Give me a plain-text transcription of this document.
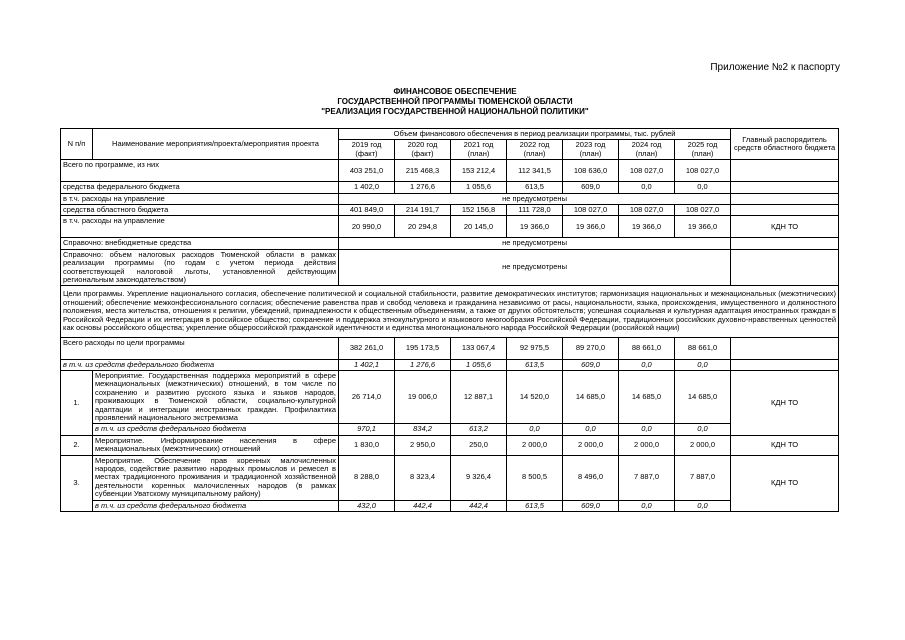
Приложение №2 к паспорту
ФИНАНСОВОЕ ОБЕСПЕЧЕНИЕ
ГОСУДАРСТВЕННОЙ ПРОГРАММЫ ТЮМЕНСКОЙ ОБЛАСТИ
"РЕАЛИЗАЦИЯ ГОСУДАРСТВЕННОЙ НАЦИОНАЛЬНОЙ ПОЛИТИКИ"
N п/п	Наименование мероприятия/проекта/мероприятия проекта	Объем финансового обеспечения в период реализации программы, тыс. рублей							Главный распорядитель средств областного бюджета
		2019 год (факт)	2020 год (факт)	2021 год (план)	2022 год (план)	2023 год (план)	2024 год (план)	2025 год (план)	
Всего по программе, из них		403 251,0	215 468,3	153 212,4	112 341,5	108 636,0	108 027,0	108 027,0	
средства федерального бюджета		1 402,0	1 276,6	1 055,6	613,5	609,0	0,0	0,0	
в т.ч. расходы на управление		не предусмотрены							
средства областного бюджета		401 849,0	214 191,7	152 156,8	111 728,0	108 027,0	108 027,0	108 027,0	
в т.ч. расходы на управление		20 990,0	20 294,8	20 145,0	19 366,0	19 366,0	19 366,0	19 366,0	КДН ТО
Справочно: внебюджетные средства		не предусмотрены							
Справочно: объем налоговых расходов Тюменской области в рамках реализации программы (по годам с учетом периода действия соответствующей налоговой льготы, установленной действующим региональным законодательством)		не предусмотрены							
Цели программы. Укрепление национального согласия, обеспечение политической и социальной стабильности, развитие демократических институтов; гармонизация национальных и межнациональных (межэтнических) отношений; обеспечение межконфессионального согласия; обеспечение равенства прав и свобод человека и гражданина независимо от расы, национальности, языка, происхождения, имущественного и должностного положения, места жительства, отношения к религии, убеждений, принадлежности к общественным объединениям, а также от других обстоятельств; успешная социальная и культурная адаптация иностранных граждан в Российской Федерации и их интеграция в российское общество; сохранение и поддержка этнокультурного и языкового многообразия Российской Федерации, традиционных российских духовно-нравственных ценностей как основы российского общества; укрепление общероссийской гражданской идентичности и единства многонационального народа Российской Федерации (российской нации)									
Всего расходы по цели программы		382 261,0	195 173,5	133 067,4	92 975,5	89 270,0	88 661,0	88 661,0	
в т.ч. из средств федерального бюджета		1 402,1	1 276,6	1 055,6	613,5	609,0	0,0	0,0	
1.	Мероприятие. Государственная поддержка мероприятий в сфере межнациональных (межэтнических) отношений, в том числе по сохранению и развитию русского языка и языков народов, проживающих в Тюменской области, социально-культурной адаптации и интеграции иностранных граждан. Профилактика проявлений национального экстремизма	26 714,0	19 006,0	12 887,1	14 520,0	14 685,0	14 685,0	14 685,0	КДН ТО
	в т.ч. из средств федерального бюджета	970,1	834,2	613,2	0,0	0,0	0,0	0,0	
2.	Мероприятие. Информирование населения в сфере межнациональных (межэтнических) отношений	1 830,0	2 950,0	250,0	2 000,0	2 000,0	2 000,0	2 000,0	КДН ТО
3.	Мероприятие. Обеспечение прав коренных малочисленных народов, содействие развитию народных промыслов и ремесел в местах традиционного проживания и традиционной хозяйственной деятельности коренных малочисленных народов (в рамках субвенции Уватскому муниципальному району)	8 288,0	8 323,4	9 326,4	8 500,5	8 496,0	7 887,0	7 887,0	КДН ТО
	в т.ч. из средств федерального бюджета	432,0	442,4	442,4	613,5	609,0	0,0	0,0	
